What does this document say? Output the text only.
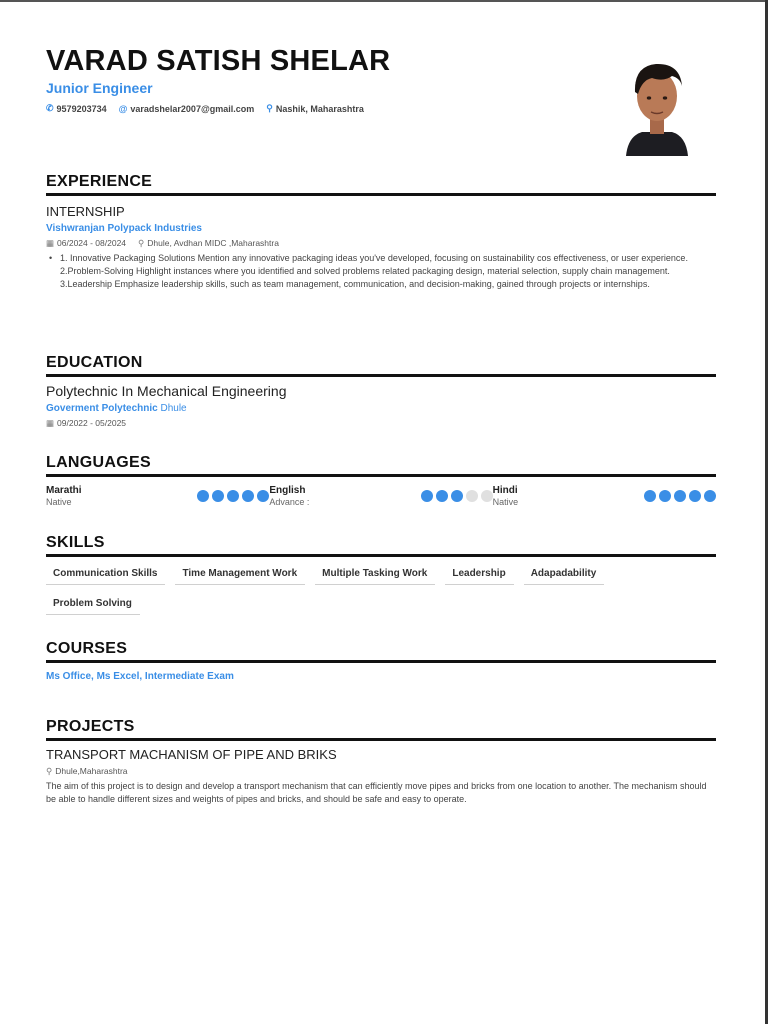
VARAD SATISH SHELAR
Junior Engineer
✆ 9579203734 @ varadshelar2007@gmail.com ⚲ Nashik, Maharashtra
EXPERIENCE
INTERNSHIP
Vishwranjan Polypack Industries
▦ 06/2024 - 08/2024 ⚲ Dhule, Avdhan MIDC ,Maharashtra
• 1. Innovative Packaging Solutions Mention any innovative packaging ideas you've developed, focusing on sustainability cos effectiveness, or user experience.

2.Problem-Solving Highlight instances where you identified and solved problems related packaging design, material selection, supply chain management.

3.Leadership Emphasize leadership skills, such as team management, communication, and decision-making, gained through projects or internships.

EDUCATION
Polytechnic In Mechanical Engineering
Goverment Polytechnic Dhule
▦ 09/2022 - 05/2025
LANGUAGES
Marathi
Native
English
Advance :
Hindi
Native
SKILLS
Communication Skills	Time Management Work	Multiple Tasking Work	Leadership	Adapadability
Problem Solving
COURSES
Ms Office, Ms Excel, Intermediate Exam
PROJECTS
TRANSPORT MACHANISM OF PIPE AND BRIKS
⚲ Dhule,Maharashtra
The aim of this project is to design and develop a transport mechanism that can efficiently move pipes and bricks from one location to another. The mechanism should be able to handle different sizes and weights of pipes and bricks, and should be safe and easy to operate.
